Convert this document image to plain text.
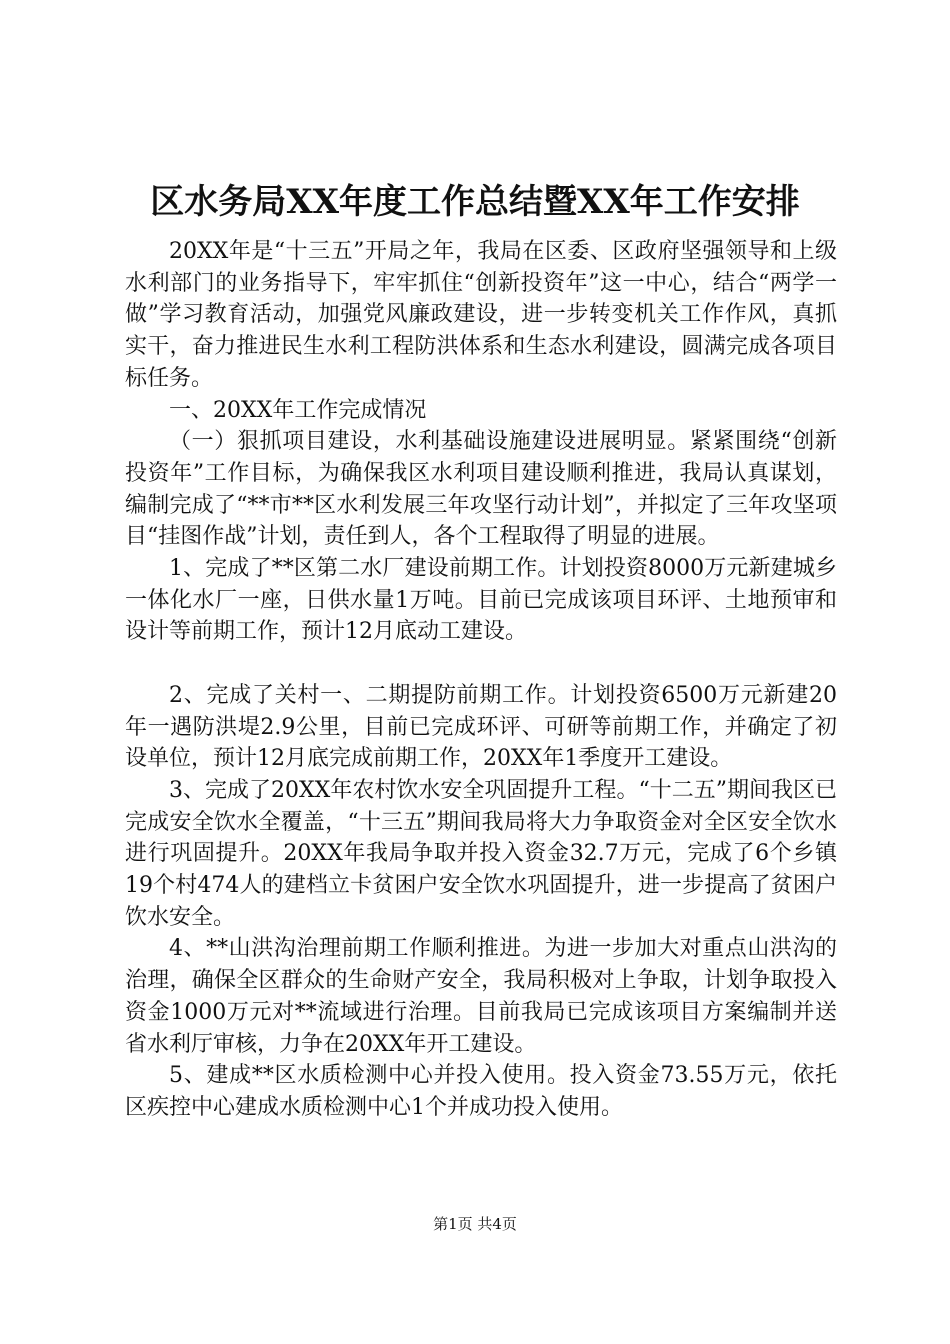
区水务局XX年度工作总结暨XX年工作安排

20XX年是“十三五”开局之年，我局在区委、区政府坚强领导和上级水利部门的业务指导下，牢牢抓住“创新投资年”这一中心，结合“两学一做”学习教育活动，加强党风廉政建设，进一步转变机关工作作风，真抓实干，奋力推进民生水利工程防洪体系和生态水利建设，圆满完成各项目标任务。

一、20XX年工作完成情况

（一）狠抓项目建设，水利基础设施建设进展明显。紧紧围绕“创新投资年”工作目标，为确保我区水利项目建设顺利推进，我局认真谋划，编制完成了“**市**区水利发展三年攻坚行动计划”，并拟定了三年攻坚项目“挂图作战”计划，责任到人，各个工程取得了明显的进展。

1、完成了**区第二水厂建设前期工作。计划投资8000万元新建城乡一体化水厂一座，日供水量1万吨。目前已完成该项目环评、土地预审和设计等前期工作，预计12月底动工建设。

2、完成了关村一、二期提防前期工作。计划投资6500万元新建20年一遇防洪堤2.9公里，目前已完成环评、可研等前期工作，并确定了初设单位，预计12月底完成前期工作，20XX年1季度开工建设。

3、完成了20XX年农村饮水安全巩固提升工程。“十二五”期间我区已完成安全饮水全覆盖，“十三五”期间我局将大力争取资金对全区安全饮水进行巩固提升。20XX年我局争取并投入资金32.7万元，完成了6个乡镇19个村474人的建档立卡贫困户安全饮水巩固提升，进一步提高了贫困户饮水安全。

4、**山洪沟治理前期工作顺利推进。为进一步加大对重点山洪沟的治理，确保全区群众的生命财产安全，我局积极对上争取，计划争取投入资金1000万元对**流域进行治理。目前我局已完成该项目方案编制并送省水利厅审核，力争在20XX年开工建设。

5、建成**区水质检测中心并投入使用。投入资金73.55万元，依托区疾控中心建成水质检测中心1个并成功投入使用。

第1页 共4页
